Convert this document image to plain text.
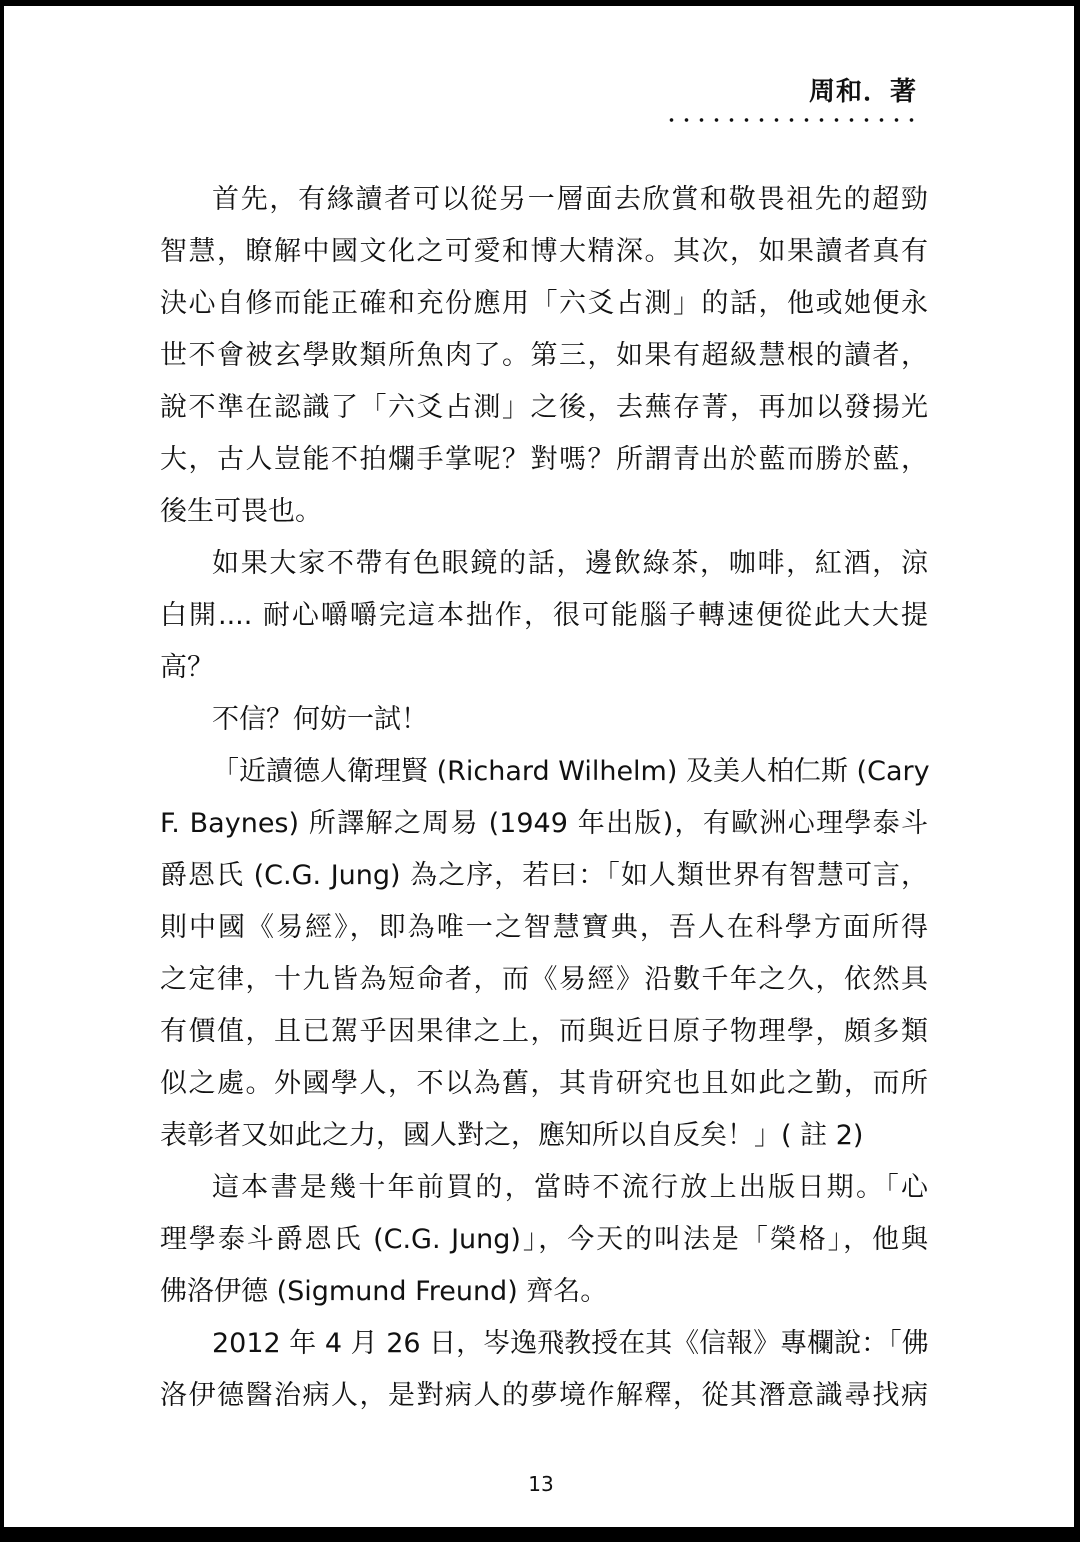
周和．著
首先，有緣讀者可以從另一層面去欣賞和敬畏祖先的超勁
智慧，瞭解中國文化之可愛和博大精深。其次，如果讀者真有
決心自修而能正確和充份應用「六爻占測」的話，他或她便永
世不會被玄學敗類所魚肉了。第三，如果有超級慧根的讀者，
說不準在認識了「六爻占測」之後，去蕪存菁，再加以發揚光
大，古人豈能不拍爛手掌呢？對嗎？所謂青出於藍而勝於藍，
後生可畏也。
如果大家不帶有色眼鏡的話，邊飲綠茶，咖啡，紅酒，涼
白開.... 耐心嚼嚼完這本拙作，很可能腦子轉速便從此大大提
高？
不信？何妨一試！
「近讀德人衛理賢 (Richard Wilhelm) 及美人柏仁斯 (Cary
F. Baynes) 所譯解之周易 (1949 年出版)，有歐洲心理學泰斗
爵恩氏 (C.G. Jung) 為之序，若曰：「如人類世界有智慧可言，
則中國《易經》，即為唯一之智慧寶典，吾人在科學方面所得
之定律，十九皆為短命者，而《易經》沿數千年之久，依然具
有價值，且已駕乎因果律之上，而與近日原子物理學，頗多類
似之處。外國學人，不以為舊，其肯研究也且如此之勤，而所
表彰者又如此之力，國人對之，應知所以自反矣！」( 註 2)
這本書是幾十年前買的，當時不流行放上出版日期。「心
理學泰斗爵恩氏 (C.G. Jung)」，今天的叫法是「榮格」，他與
佛洛伊德 (Sigmund Freund) 齊名。
2012 年 4 月 26 日，岑逸飛教授在其《信報》專欄說：「佛
洛伊德醫治病人，是對病人的夢境作解釋，從其潛意識尋找病
13
